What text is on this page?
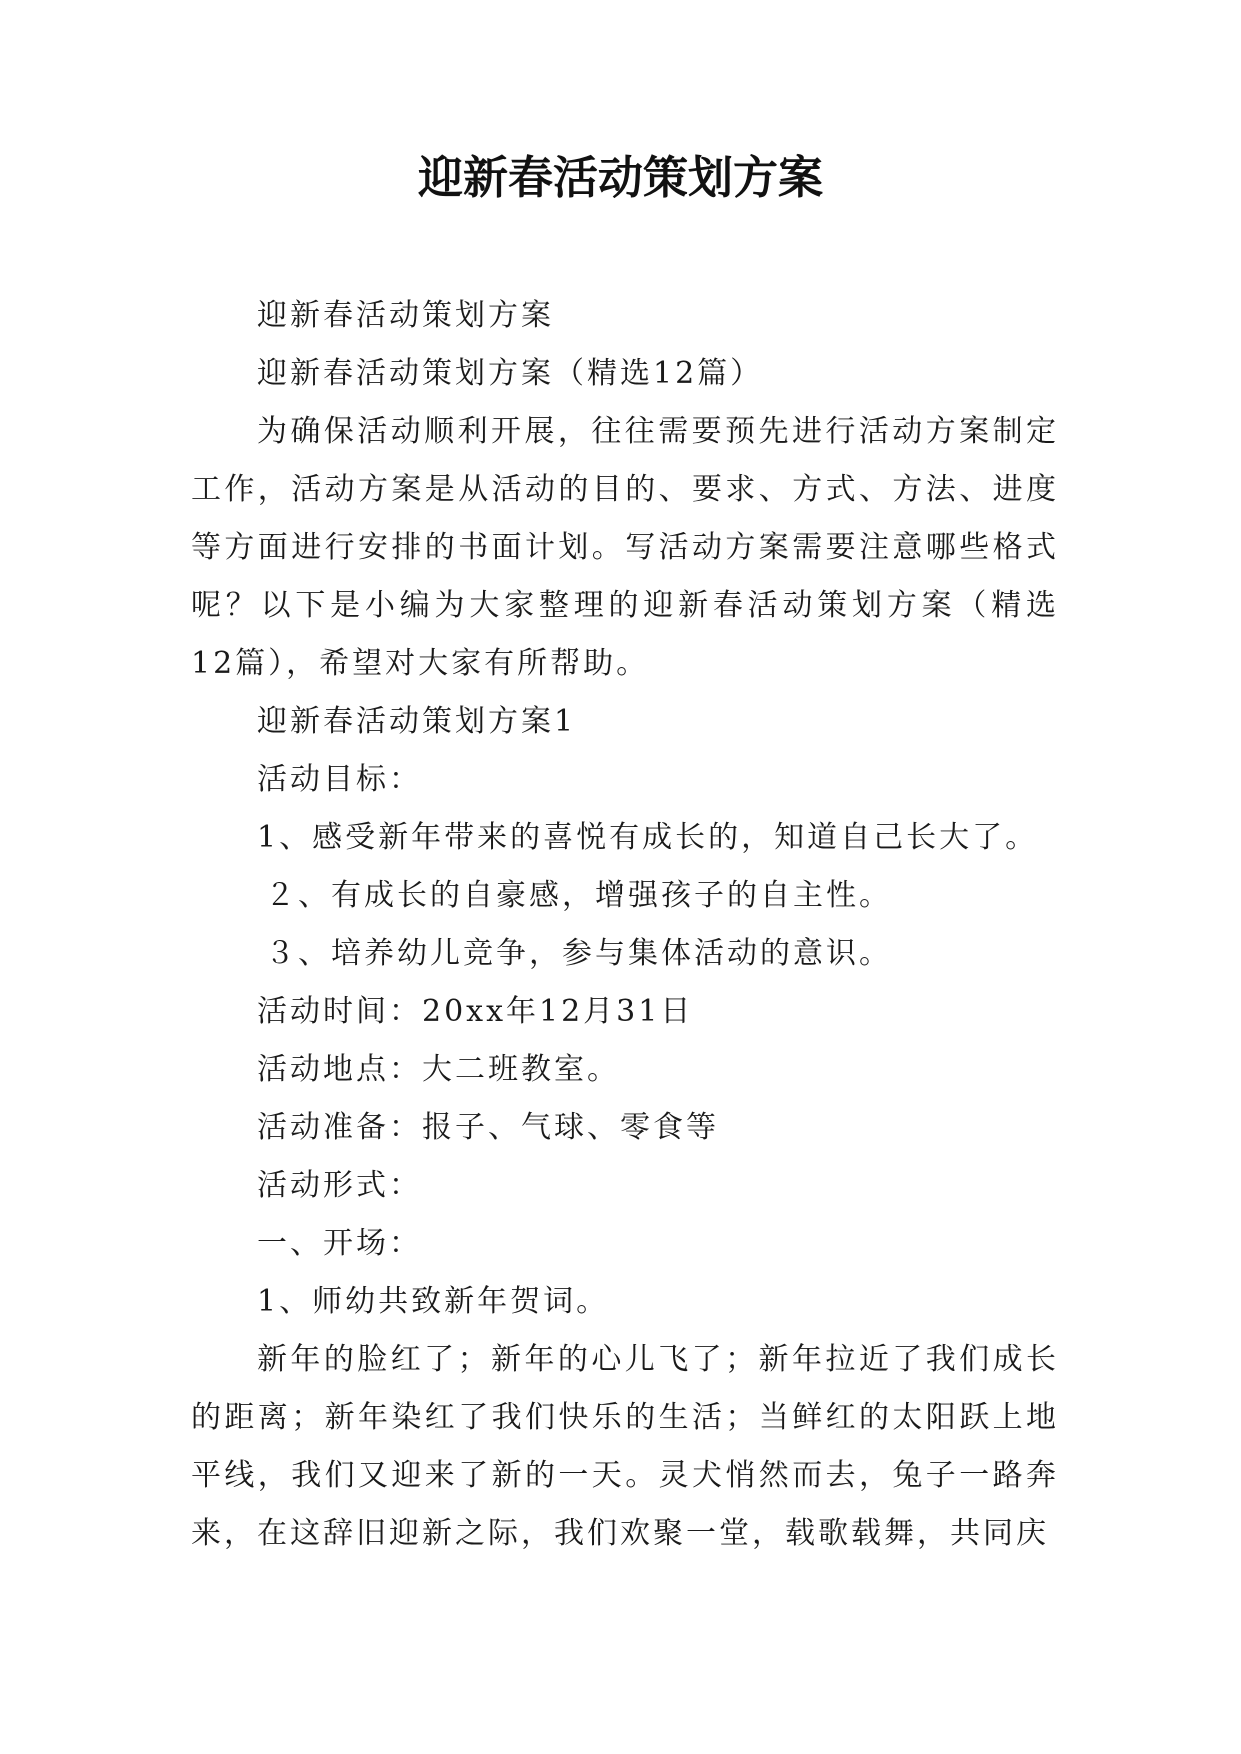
迎新春活动策划方案

迎新春活动策划方案

迎新春活动策划方案（精选12篇）

为确保活动顺利开展，往往需要预先进行活动方案制定工作，活动方案是从活动的目的、要求、方式、方法、进度等方面进行安排的书面计划。写活动方案需要注意哪些格式呢？以下是小编为大家整理的迎新春活动策划方案（精选12篇），希望对大家有所帮助。

迎新春活动策划方案1

活动目标：

1、感受新年带来的喜悦有成长的，知道自己长大了。

２、有成长的自豪感，增强孩子的自主性。

３、培养幼儿竞争，参与集体活动的意识。

活动时间：20xx年12月31日

活动地点：大二班教室。

活动准备：报子、气球、零食等

活动形式：

一、开场：

1、师幼共致新年贺词。

新年的脸红了；新年的心儿飞了；新年拉近了我们成长的距离；新年染红了我们快乐的生活；当鲜红的太阳跃上地平线，我们又迎来了新的一天。灵犬悄然而去，兔子一路奔来，在这辞旧迎新之际，我们欢聚一堂，载歌载舞，共同庆
